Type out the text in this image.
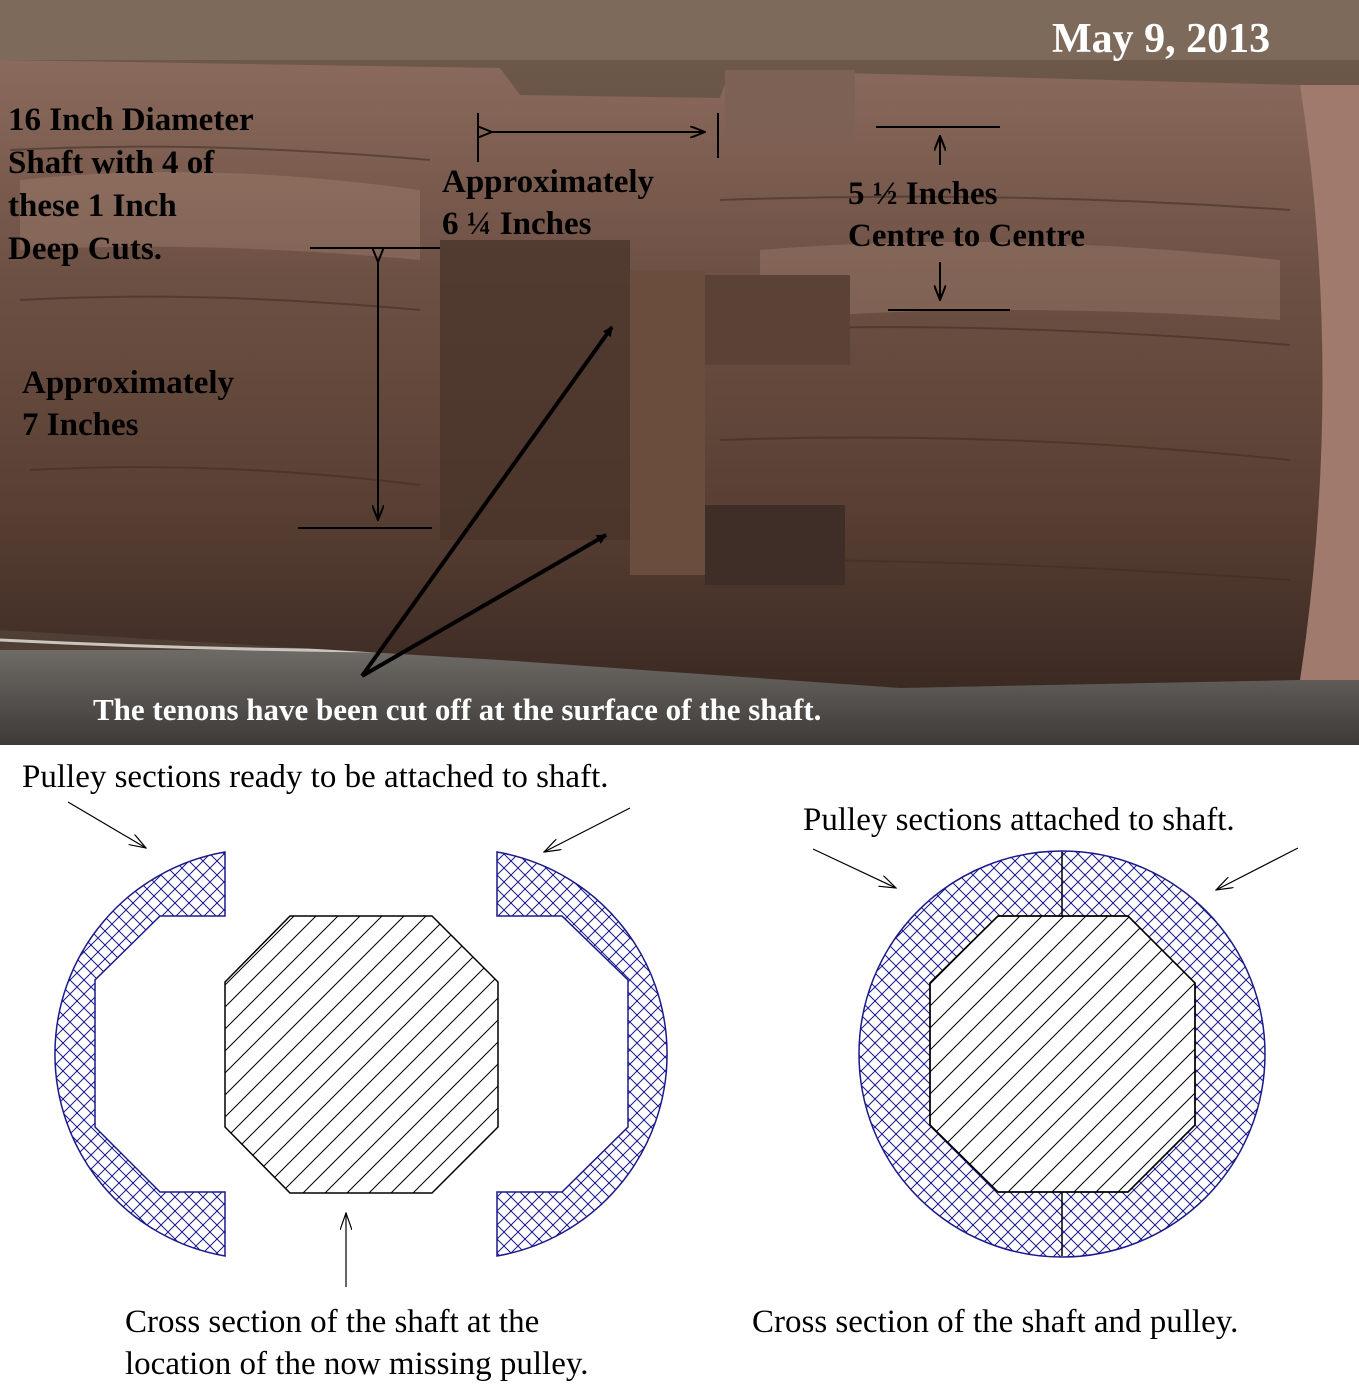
May 9, 2013
16 Inch Diameter
Shaft with 4 of
these 1 Inch
Deep Cuts.
Approximately
6 ¼ Inches
5 ½ Inches
Centre to Centre
Approximately
7 Inches
The tenons have been cut off at the surface of the shaft.
Pulley sections ready to be attached to shaft.
Pulley sections attached to shaft.
Cross section of the shaft at the
location of the now missing pulley.
Cross section of the shaft and pulley.
